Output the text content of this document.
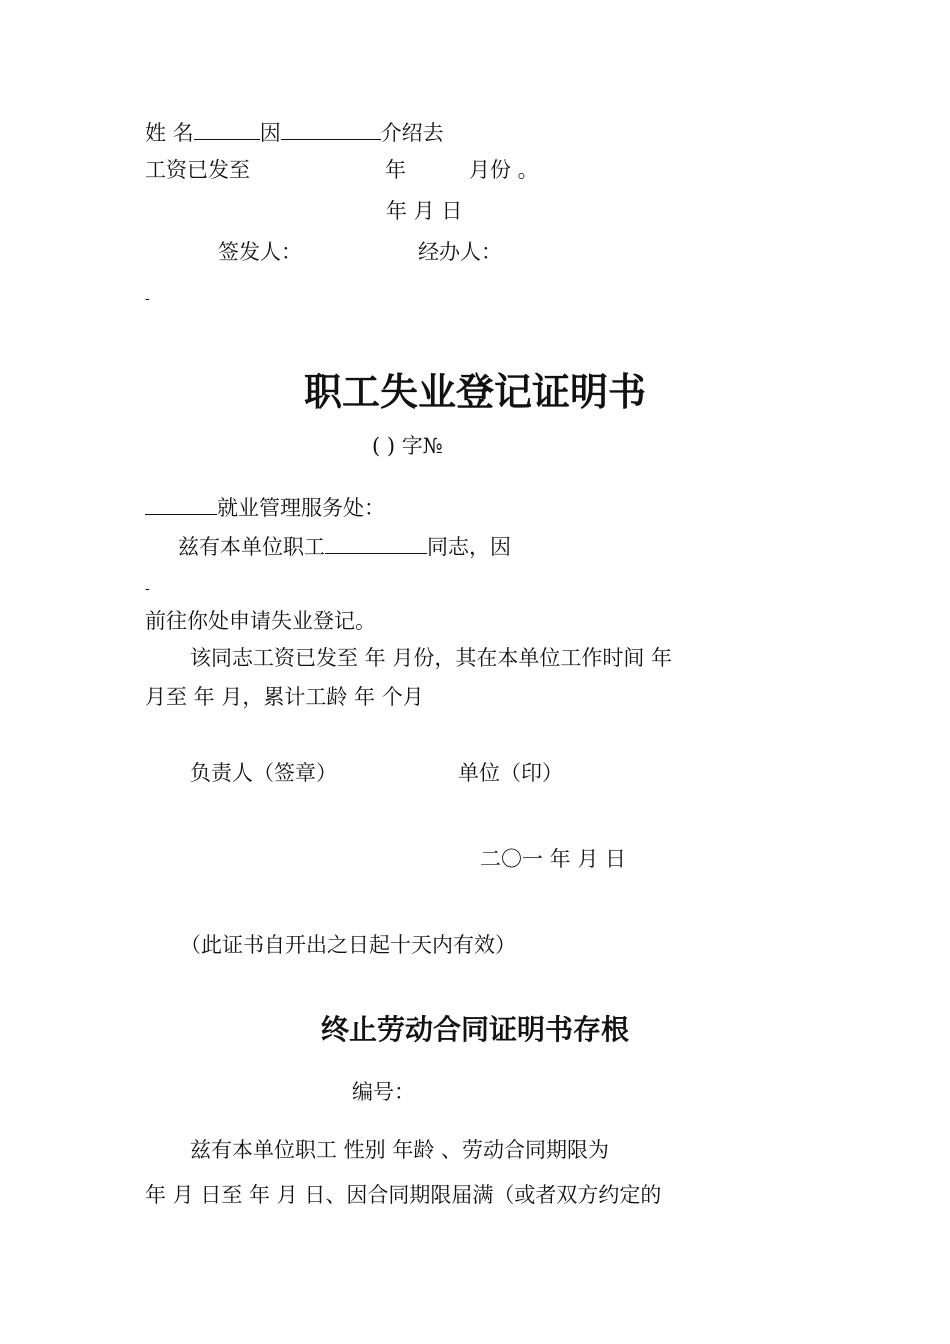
姓 名	因	介绍去
工资已发至	年	月份 。
年 月 日
签发人：	经办人：
-
职工失业登记证明书
( ) 字№
就业管理服务处：
兹有本单位职工	同志，因
-
前往你处申请失业登记。
该同志工资已发至 年 月份，其在本单位工作时间 年
月至 年 月，累计工龄 年 个月
负责人（签章）	单位（印）
二〇一 年 月 日
（此证书自开出之日起十天内有效）
终止劳动合同证明书存根
编号：
兹有本单位职工 性别 年龄 、劳动合同期限为
年 月 日至 年 月 日、因合同期限届满（或者双方约定的
